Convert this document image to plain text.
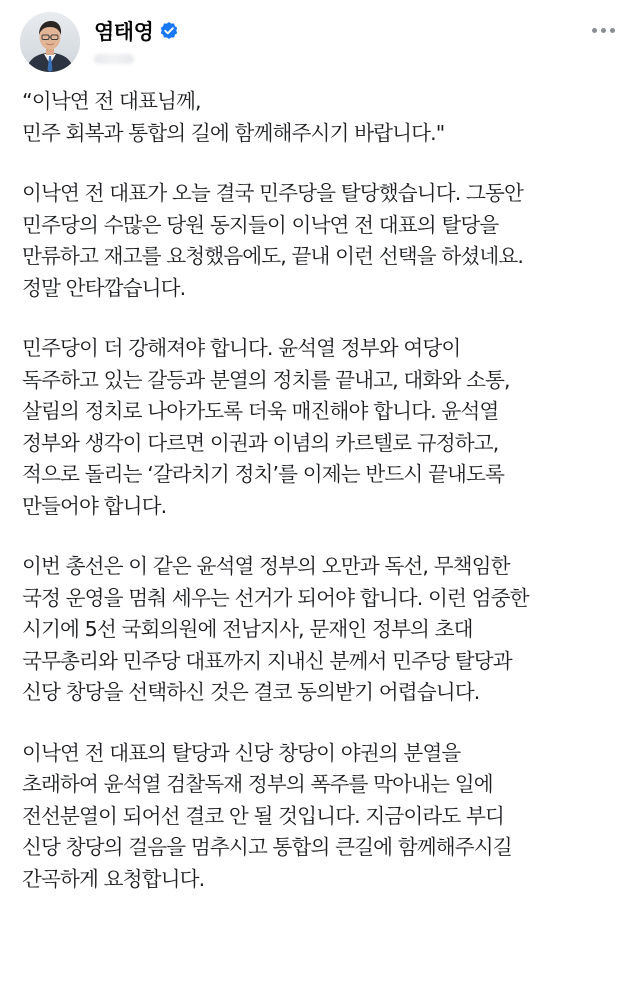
염태영
“이낙연 전 대표님께,
민주 회복과 통합의 길에 함께해주시기 바랍니다."
이낙연 전 대표가 오늘 결국 민주당을 탈당했습니다. 그동안
민주당의 수많은 당원 동지들이 이낙연 전 대표의 탈당을
만류하고 재고를 요청했음에도, 끝내 이런 선택을 하셨네요.
정말 안타깝습니다.
민주당이 더 강해져야 합니다. 윤석열 정부와 여당이
독주하고 있는 갈등과 분열의 정치를 끝내고, 대화와 소통,
살림의 정치로 나아가도록 더욱 매진해야 합니다. 윤석열
정부와 생각이 다르면 이권과 이념의 카르텔로 규정하고,
적으로 돌리는 ‘갈라치기 정치’를 이제는 반드시 끝내도록
만들어야 합니다.
이번 총선은 이 같은 윤석열 정부의 오만과 독선, 무책임한
국정 운영을 멈춰 세우는 선거가 되어야 합니다. 이런 엄중한
시기에 5선 국회의원에 전남지사, 문재인 정부의 초대
국무총리와 민주당 대표까지 지내신 분께서 민주당 탈당과
신당 창당을 선택하신 것은 결코 동의받기 어렵습니다.
이낙연 전 대표의 탈당과 신당 창당이 야권의 분열을
초래하여 윤석열 검찰독재 정부의 폭주를 막아내는 일에
전선분열이 되어선 결코 안 될 것입니다. 지금이라도 부디
신당 창당의 걸음을 멈추시고 통합의 큰길에 함께해주시길
간곡하게 요청합니다.
